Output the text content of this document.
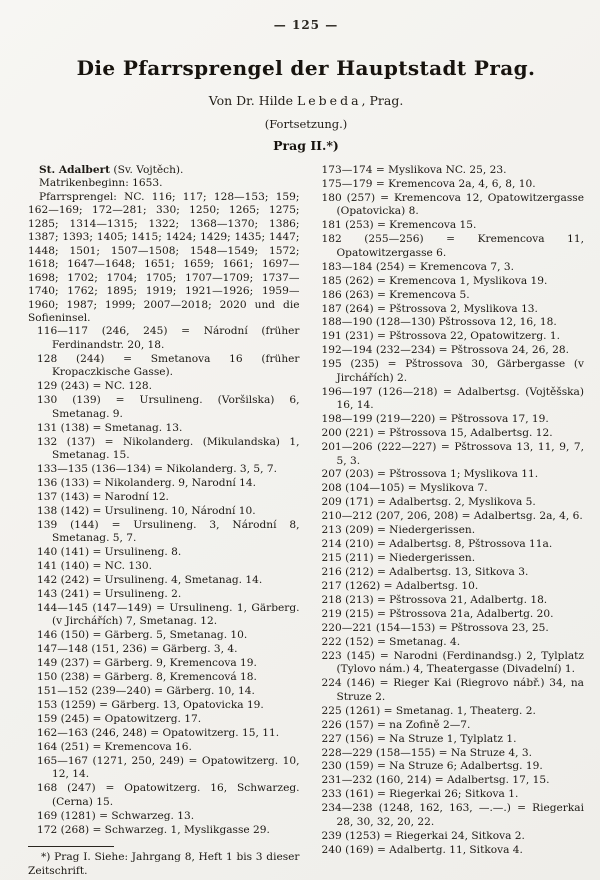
— 125 —
Die Pfarrsprengel der Hauptstadt Prag.
Von Dr. Hilde Lebeda, Prag.
(Fortsetzung.)
Prag II.*)

St. Adalbert (Sv. Vojtěch).

Matrikenbeginn: 1653.

Pfarrsprengel: NC. 116; 117; 128—153; 159; 162—169; 172—281; 330; 1250; 1265; 1275; 1285; 1314—1315; 1322; 1368—1370; 1386; 1387; 1393; 1405; 1415; 1424; 1429; 1435; 1447; 1448; 1501; 1507—1508; 1548—1549; 1572; 1618; 1647—1648; 1651; 1659; 1661; 1697—1698; 1702; 1704; 1705; 1707—1709; 1737—1740; 1762; 1895; 1919; 1921—1926; 1959—1960; 1987; 1999; 2007—2018; 2020 und die Sofieninsel.

116—117 (246, 245) = Národní (früher Ferdinandstr. 20, 18.
128 (244) = Smetanova 16 (früher Kropaczkische Gasse).
129 (243) = NC. 128.
130 (139) = Ursulineng. (Voršilska) 6, Smetanag. 9.
131 (138) = Smetanag. 13.
132 (137) = Nikolanderg. (Mikulandska) 1, Smetanag. 15.
133—135 (136—134) = Nikolanderg. 3, 5, 7.
136 (133) = Nikolanderg. 9, Narodní 14.
137 (143) = Narodní 12.
138 (142) = Ursulineng. 10, Národní 10.
139 (144) = Ursulineng. 3, Národní 8, Smetanag. 5, 7.
140 (141) = Ursulineng. 8.
141 (140) = NC. 130.
142 (242) = Ursulineng. 4, Smetanag. 14.
143 (241) = Ursulineng. 2.
144—145 (147—149) = Ursulineng. 1, Gärberg. (v Jirchářích) 7, Smetanag. 12.
146 (150) = Gärberg. 5, Smetanag. 10.
147—148 (151, 236) = Gärberg. 3, 4.
149 (237) = Gärberg. 9, Kremencova 19.
150 (238) = Gärberg. 8, Kremencová 18.
151—152 (239—240) = Gärberg. 10, 14.
153 (1259) = Gärberg. 13, Opatovicka 19.
159 (245) = Opatowitzerg. 17.
162—163 (246, 248) = Opatowitzerg. 15, 11.
164 (251) = Kremencova 16.
165—167 (1271, 250, 249) = Opatowitzerg. 10, 12, 14.
168 (247) = Opatowitzerg. 16, Schwarzeg. (Cerna) 15.
169 (1281) = Schwarzeg. 13.
172 (268) = Schwarzeg. 1, Myslikgasse 29.

*) Prag I. Siehe: Jahrgang 8, Heft 1 bis 3 dieser Zeitschrift.

173—174 = Myslikova NC. 25, 23.
175—179 = Kremencova 2a, 4, 6, 8, 10.
180 (257) = Kremencova 12, Opatowitzergasse (Opatovicka) 8.
181 (253) = Kremencova 15.
182 (255—256) = Kremencova 11, Opatowitzergasse 6.
183—184 (254) = Kremencova 7, 3.
185 (262) = Kremencova 1, Myslikova 19.
186 (263) = Kremencova 5.
187 (264) = Pštrossova 2, Myslikova 13.
188—190 (128—130) Pštrossova 12, 16, 18.
191 (231) = Pštrossova 22, Opatowitzerg. 1.
192—194 (232—234) = Pštrossova 24, 26, 28.
195 (235) = Pštrossova 30, Gärbergasse (v Jirchářích) 2.
196—197 (126—218) = Adalbertsg. (Vojtěšska) 16, 14.
198—199 (219—220) = Pštrossova 17, 19.
200 (221) = Pštrossova 15, Adalbertsg. 12.
201—206 (222—227) = Pštrossova 13, 11, 9, 7, 5, 3.
207 (203) = Pštrossova 1; Myslikova 11.
208 (104—105) = Myslikova 7.
209 (171) = Adalbertsg. 2, Myslikova 5.
210—212 (207, 206, 208) = Adalbertsg. 2a, 4, 6.
213 (209) = Niedergerissen.
214 (210) = Adalbertsg. 8, Pštrossova 11a.
215 (211) = Niedergerissen.
216 (212) = Adalbertsg. 13, Sitkova 3.
217 (1262) = Adalbertsg. 10.
218 (213) = Pštrossova 21, Adalbertg. 18.
219 (215) = Pštrossova 21a, Adalbertg. 20.
220—221 (154—153) = Pštrossova 23, 25.
222 (152) = Smetanag. 4.
223 (145) = Narodni (Ferdinandsg.) 2, Tylplatz (Tylovo nám.) 4, Theatergasse (Divadelní) 1.
224 (146) = Rieger Kai (Riegrovo nábř.) 34, na Struze 2.
225 (1261) = Smetanag. 1, Theaterg. 2.
226 (157) = na Zofině 2—7.
227 (156) = Na Struze 1, Tylplatz 1.
228—229 (158—155) = Na Struze 4, 3.
230 (159) = Na Struze 6; Adalbertsg. 19.
231—232 (160, 214) = Adalbertsg. 17, 15.
233 (161) = Riegerkai 26; Sitkova 1.
234—238 (1248, 162, 163, —.—.) = Riegerkai 28, 30, 32, 20, 22.
239 (1253) = Riegerkai 24, Sitkova 2.
240 (169) = Adalbertg. 11, Sitkova 4.
